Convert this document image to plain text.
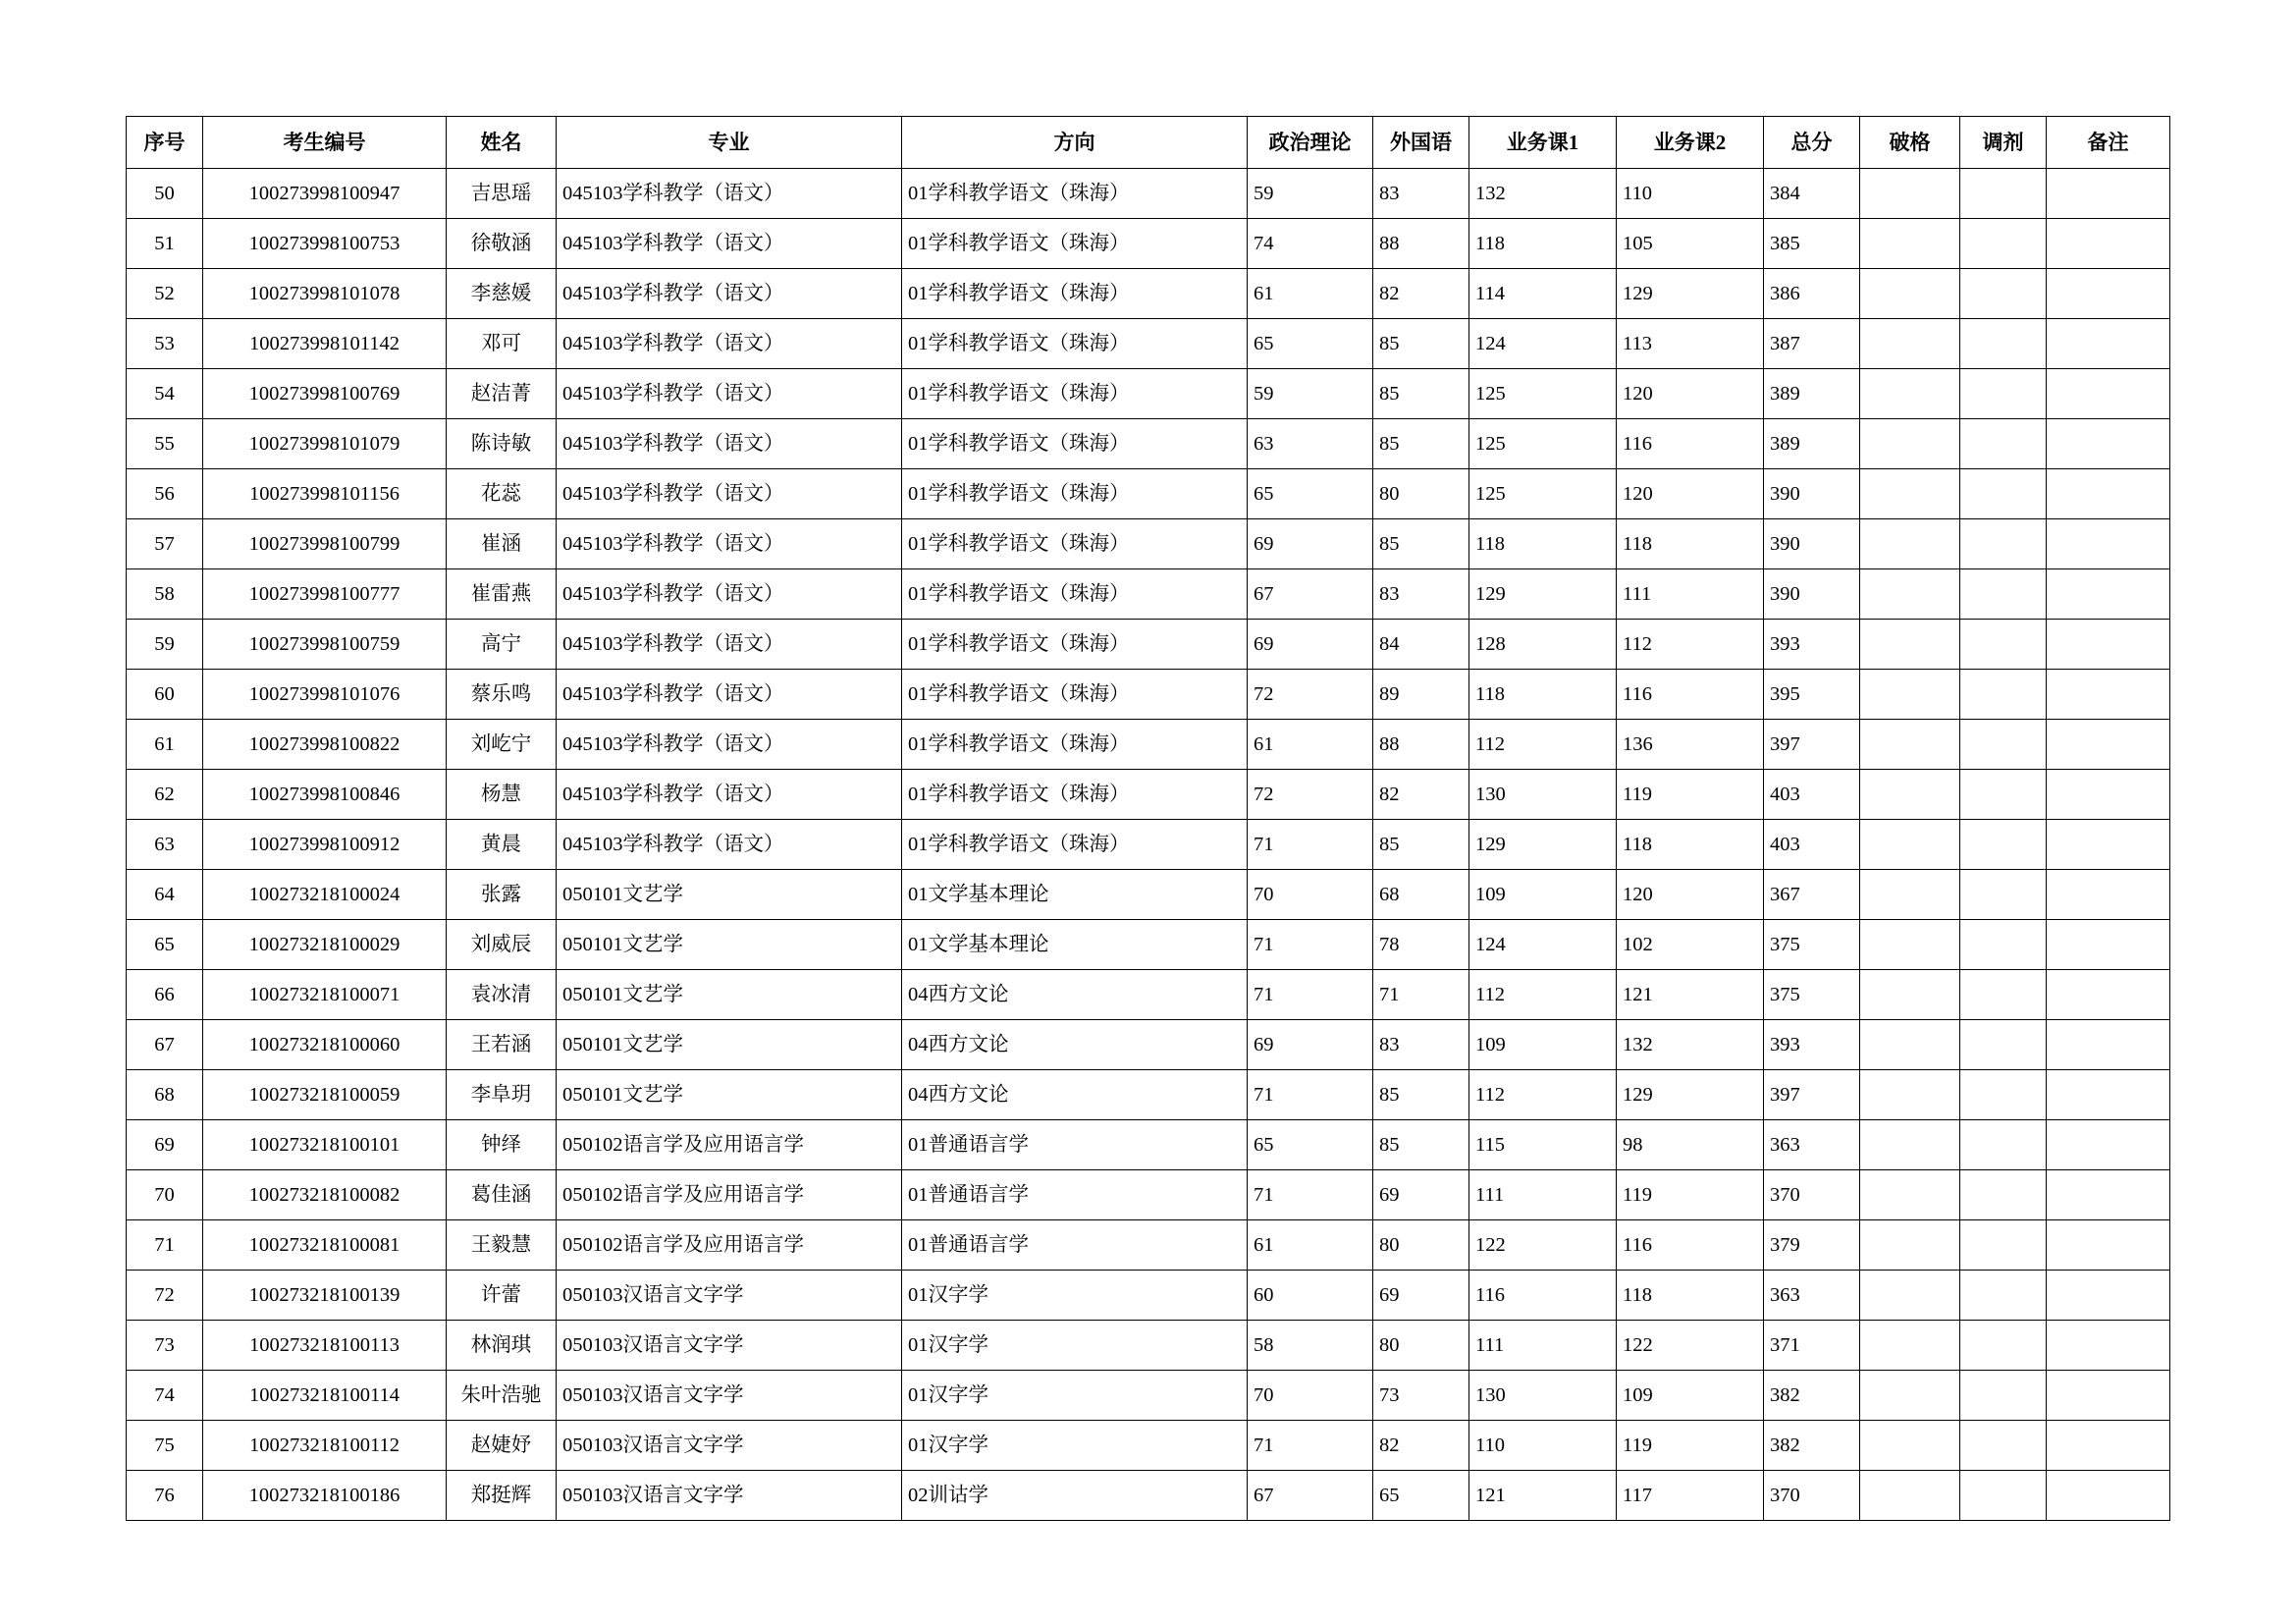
序号	考生编号	姓名	专业	方向	政治理论	外国语	业务课1	业务课2	总分	破格	调剂	备注
50	100273998100947	吉思瑶	045103学科教学（语文）	01学科教学语文（珠海）	59	83	132	110	384			
51	100273998100753	徐敬涵	045103学科教学（语文）	01学科教学语文（珠海）	74	88	118	105	385			
52	100273998101078	李慈媛	045103学科教学（语文）	01学科教学语文（珠海）	61	82	114	129	386			
53	100273998101142	邓可	045103学科教学（语文）	01学科教学语文（珠海）	65	85	124	113	387			
54	100273998100769	赵洁菁	045103学科教学（语文）	01学科教学语文（珠海）	59	85	125	120	389			
55	100273998101079	陈诗敏	045103学科教学（语文）	01学科教学语文（珠海）	63	85	125	116	389			
56	100273998101156	花蕊	045103学科教学（语文）	01学科教学语文（珠海）	65	80	125	120	390			
57	100273998100799	崔涵	045103学科教学（语文）	01学科教学语文（珠海）	69	85	118	118	390			
58	100273998100777	崔雷燕	045103学科教学（语文）	01学科教学语文（珠海）	67	83	129	111	390			
59	100273998100759	高宁	045103学科教学（语文）	01学科教学语文（珠海）	69	84	128	112	393			
60	100273998101076	蔡乐鸣	045103学科教学（语文）	01学科教学语文（珠海）	72	89	118	116	395			
61	100273998100822	刘屹宁	045103学科教学（语文）	01学科教学语文（珠海）	61	88	112	136	397			
62	100273998100846	杨慧	045103学科教学（语文）	01学科教学语文（珠海）	72	82	130	119	403			
63	100273998100912	黄晨	045103学科教学（语文）	01学科教学语文（珠海）	71	85	129	118	403			
64	100273218100024	张露	050101文艺学	01文学基本理论	70	68	109	120	367			
65	100273218100029	刘威辰	050101文艺学	01文学基本理论	71	78	124	102	375			
66	100273218100071	袁冰清	050101文艺学	04西方文论	71	71	112	121	375			
67	100273218100060	王若涵	050101文艺学	04西方文论	69	83	109	132	393			
68	100273218100059	李阜玥	050101文艺学	04西方文论	71	85	112	129	397			
69	100273218100101	钟绎	050102语言学及应用语言学	01普通语言学	65	85	115	98	363			
70	100273218100082	葛佳涵	050102语言学及应用语言学	01普通语言学	71	69	111	119	370			
71	100273218100081	王毅慧	050102语言学及应用语言学	01普通语言学	61	80	122	116	379			
72	100273218100139	许蕾	050103汉语言文字学	01汉字学	60	69	116	118	363			
73	100273218100113	林润琪	050103汉语言文字学	01汉字学	58	80	111	122	371			
74	100273218100114	朱叶浩驰	050103汉语言文字学	01汉字学	70	73	130	109	382			
75	100273218100112	赵婕妤	050103汉语言文字学	01汉字学	71	82	110	119	382			
76	100273218100186	郑挺辉	050103汉语言文字学	02训诂学	67	65	121	117	370			
